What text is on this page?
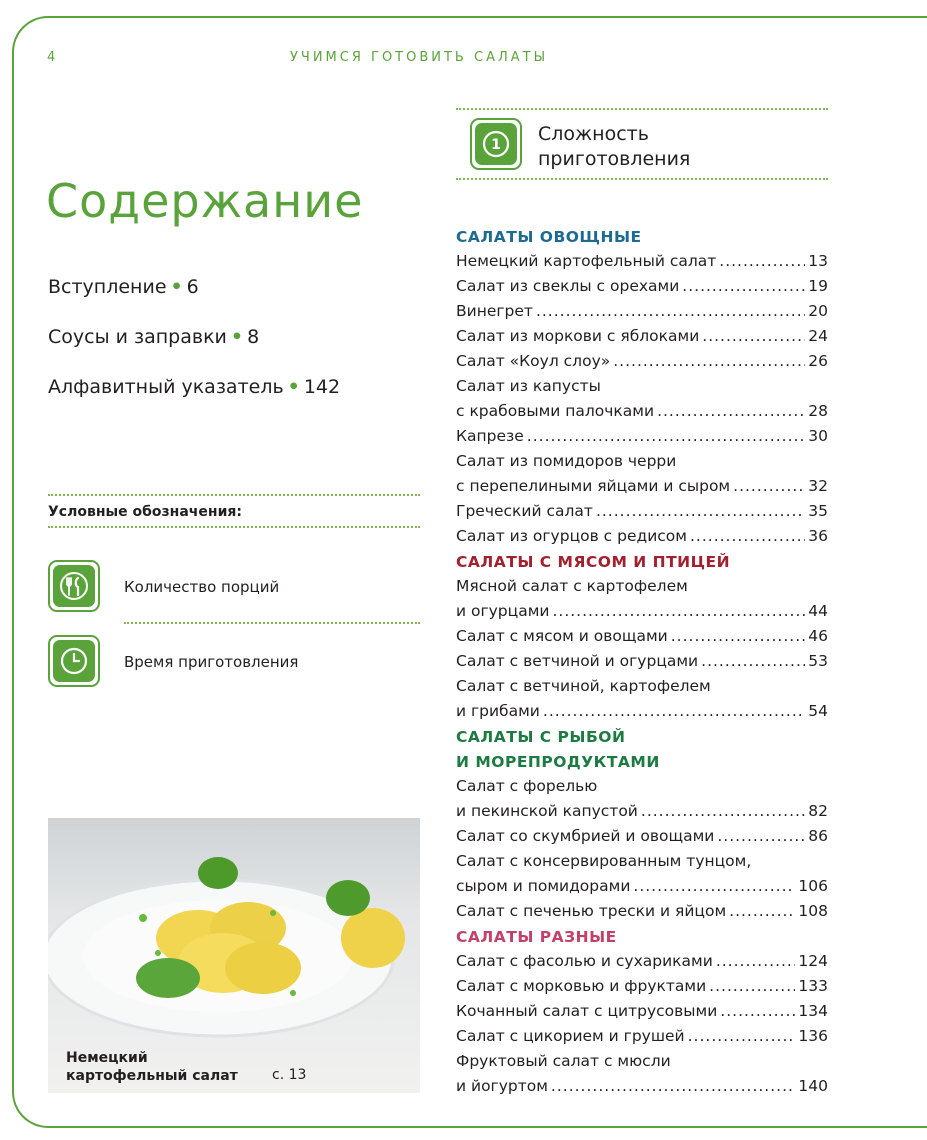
4	УЧИМСЯ ГОТОВИТЬ САЛАТЫ
Содержание
Вступление • 6
Соусы и заправки • 8
Алфавитный указатель • 142
Условные обозначения:
Количество порций
Время приготовления
1 Сложность
приготовления
Немецкий
картофельный салат с. 13
САЛАТЫ ОВОЩНЫЕ
Немецкий картофельный салат .....	13
Салат из свеклы с орехами .....	19
Винегрет .....	20
Салат из моркови с яблоками .....	24
Салат «Коул слоу» .....	26
Салат из капусты
с крабовыми палочками .....	28
Капрезе .....	30
Салат из помидоров черри
с перепелиными яйцами и сыром .....	32
Греческий салат .....	35
Салат из огурцов с редисом .....	36
САЛАТЫ С МЯСОМ И ПТИЦЕЙ
Мясной салат с картофелем
и огурцами .....	44
Салат с мясом и овощами .....	46
Салат с ветчиной и огурцами .....	53
Салат с ветчиной, картофелем
и грибами .....	54
САЛАТЫ С РЫБОЙ
И МОРЕПРОДУКТАМИ
Салат с форелью
и пекинской капустой .....	82
Салат со скумбрией и овощами .....	86
Салат с консервированным тунцом,
сыром и помидорами .....	106
Салат с печенью трески и яйцом .....	108
САЛАТЫ РАЗНЫЕ
Салат с фасолью и сухариками .....	124
Салат с морковью и фруктами .....	133
Кочанный салат с цитрусовыми .....	134
Салат с цикорием и грушей .....	136
Фруктовый салат с мюсли
и йогуртом .....	140
